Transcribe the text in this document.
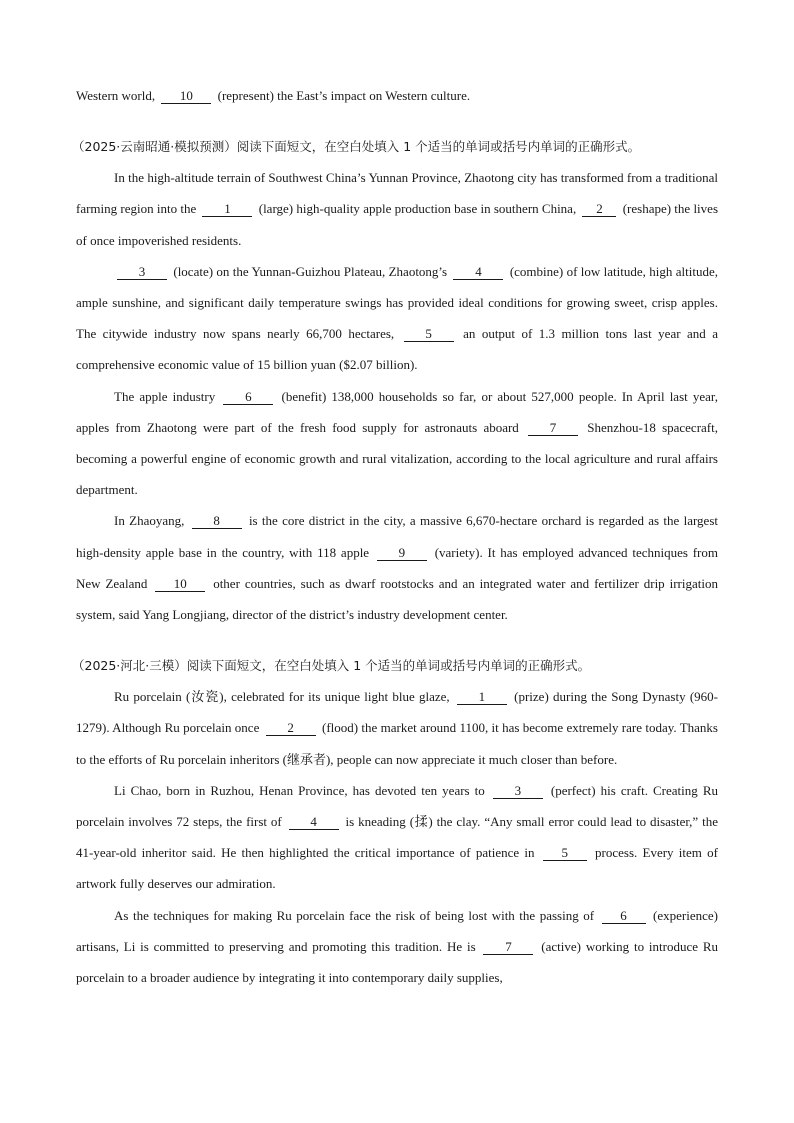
Western world, 10 (represent) the East’s impact on Western culture.

（2025·云南昭通·模拟预测）阅读下面短文，在空白处填入 1 个适当的单词或括号内单词的正确形式。

In the high-altitude terrain of Southwest China’s Yunnan Province, Zhaotong city has transformed from a traditional farming region into the 1 (large) high-quality apple production base in southern China, 2 (reshape) the lives of once impoverished residents.

3 (locate) on the Yunnan-Guizhou Plateau, Zhaotong’s 4 (combine) of low latitude, high altitude, ample sunshine, and significant daily temperature swings has provided ideal conditions for growing sweet, crisp apples. The citywide industry now spans nearly 66,700 hectares, 5 an output of 1.3 million tons last year and a comprehensive economic value of 15 billion yuan ($2.07 billion).

The apple industry 6 (benefit) 138,000 households so far, or about 527,000 people. In April last year, apples from Zhaotong were part of the fresh food supply for astronauts aboard 7 Shenzhou-18 spacecraft, becoming a powerful engine of economic growth and rural vitalization, according to the local agriculture and rural affairs department.

In Zhaoyang, 8 is the core district in the city, a massive 6,670-hectare orchard is regarded as the largest high-density apple base in the country, with 118 apple 9 (variety). It has employed advanced techniques from New Zealand 10 other countries, such as dwarf rootstocks and an integrated water and fertilizer drip irrigation system, said Yang Longjiang, director of the district’s industry development center.

（2025·河北·三模）阅读下面短文，在空白处填入 1 个适当的单词或括号内单词的正确形式。

Ru porcelain (汝瓷), celebrated for its unique light blue glaze, 1 (prize) during the Song Dynasty (960-1279). Although Ru porcelain once 2 (flood) the market around 1100, it has become extremely rare today. Thanks to the efforts of Ru porcelain inheritors (继承者), people can now appreciate it much closer than before.

Li Chao, born in Ruzhou, Henan Province, has devoted ten years to 3 (perfect) his craft. Creating Ru porcelain involves 72 steps, the first of 4 is kneading (揉) the clay. “Any small error could lead to disaster,” the 41-year-old inheritor said. He then highlighted the critical importance of patience in 5 process. Every item of artwork fully deserves our admiration.

As the techniques for making Ru porcelain face the risk of being lost with the passing of 6 (experience) artisans, Li is committed to preserving and promoting this tradition. He is 7 (active) working to introduce Ru porcelain to a broader audience by integrating it into contemporary daily supplies,
